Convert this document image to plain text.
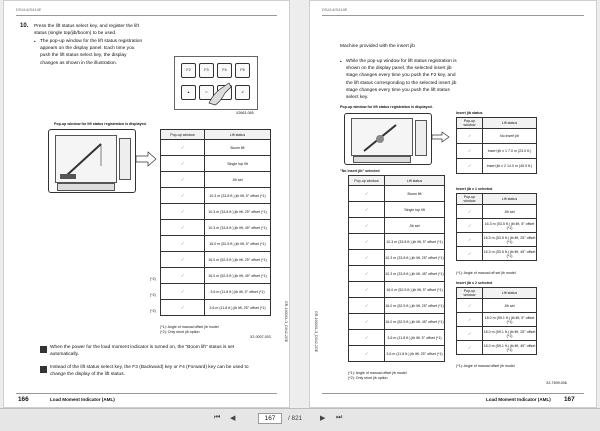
DS414/S414E
10. Press the lift status select key, and register the lift status (single top/jib/boom) to be used.
• The pop-up window for the lift status registration appears on the display panel. Each time you push the lift status select key, the display changes as shown in the illustration.
F2	F3	F4	F5
▴	⌂	↲
X2663-065
Pop-up window for lift status registration is displayed.
Pop-up window	Lift status
⟋	Boom lift
⟋	Single top lift
⟋	Jib set
⟋	10.3 m (33.8 ft.) jib lift, 5° offset (*1)
⟋	10.3 m (33.8 ft.) jib lift, 25° offset (*1)
⟋	10.3 m (33.8 ft.) jib lift, 45° offset (*1)
⟋	16.0 m (52.5 ft.) jib lift, 5° offset (*1)
⟋	16.0 m (52.5 ft.) jib lift, 25° offset (*1)
⟋	16.0 m (52.5 ft.) jib lift, 45° offset (*1)
⟋	3.6 m (11.8 ft.) jib lift, 5° offset (*1)
⟋	3.6 m (11.8 ft.) jib lift, 25° offset (*1)
(*2)
(*2)
(*2)
(*1): Angle of manual offset jib model
(*2): Only short jib option
X2-0007-003
When the power for the load moment indicator is turned on, the "Boom lift" status is set automatically.
Instead of the lift status select key, the F3 (Backward) key or F4 (Forward) key can be used to change the display of the lift status.
GR-1000XL-3_D042-2GE
166	Load Moment Indicator (AML)
DS414/S414E
Machine provided with the insert jib
• While the pop-up window for lift status registration is shown on the display panel, the selected insert jib stage changes every time you push the F2 key, and the lift status corresponding to the selected insert jib stage changes every time you push the lift status select key.
Pop-up window for lift status registration is displayed.
"No insert jib" selected
Pop-up window	Lift status
⟋	Boom lift
⟋	Single top lift
⟋	Jib set
⟋	10.3 m (33.8 ft.) jib lift, 5° offset (*1)
⟋	10.3 m (33.8 ft.) jib lift, 25° offset (*1)
⟋	10.3 m (33.8 ft.) jib lift, 45° offset (*1)
⟋	16.0 m (52.5 ft.) jib lift, 5° offset (*1)
⟋	16.0 m (52.5 ft.) jib lift, 25° offset (*1)
⟋	16.0 m (52.5 ft.) jib lift, 45° offset (*1)
⟋	3.6 m (11.8 ft.) jib lift, 5° offset (*1)
⟋	3.6 m (11.8 ft.) jib lift, 25° offset (*1)
Insert jib status
Pop-up window	Lift status
⟋	No insert jib
⟋	Insert jib x 1 7.0 m (23.0 ft.)
⟋	Insert jib x 2 14.0 m (45.9 ft.)
Insert jib x 1 selected
Pop-up window	Lift status
⟋	Jib set
⟋	16.3 m (53.5 ft.) jib lift, 5° offset (*1)
⟋	16.3 m (53.5 ft.) jib lift, 25° offset (*1)
⟋	16.3 m (53.5 ft.) jib lift, 45° offset (*1)
(*1): Angle of manual off set jib model
Insert jib x 2 selected
Pop-up window	Lift status
⟋	Jib set
⟋	18.0 m (59.1 ft.) jib lift, 5° offset (*1)
⟋	18.0 m (59.1 ft.) jib lift, 25° offset (*1)
⟋	18.0 m (59.1 ft.) jib lift, 45° offset (*1)
(*1): Angle of manual offset jib model
(*1): Angle of manual offset jib model
(*2): Only short jib option
X2-7699-006
GR-1000XL-3_D042-2GE
Load Moment Indicator (AML) 167
⏮ ◀	167	/ 821	▶ ⏭
